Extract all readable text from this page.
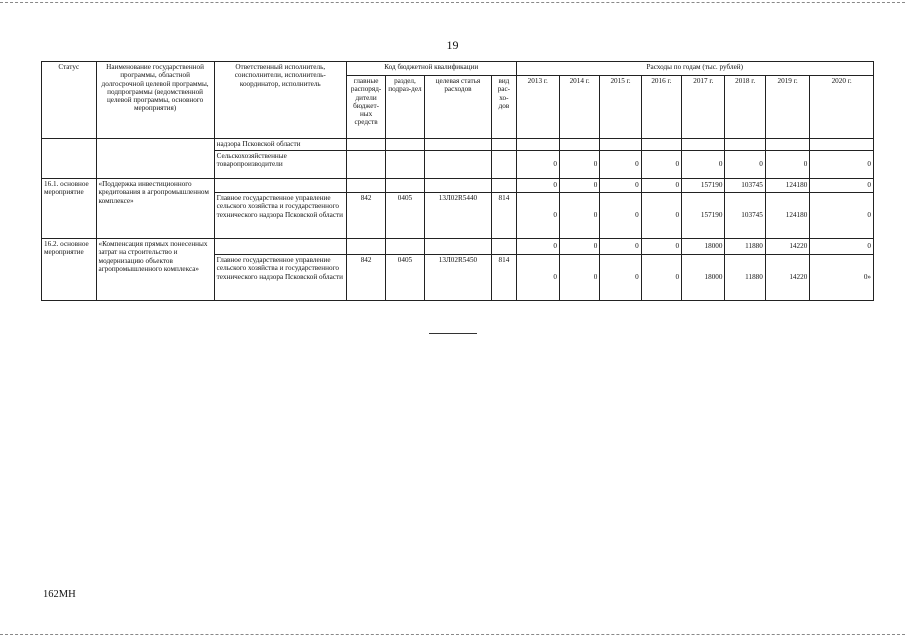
19
Статус	Наименование государственной программы, областной долгосрочной целевой программы, подпрограммы (ведомственной целевой программы, основного мероприятия)	Ответственный исполнитель, соисполнители, исполнитель-координатор, исполнитель	Код бюджетной квалификации				Расходы по годам (тыс. рублей)							
			главные распоряд-дители бюджет-ных средств	раздел, подраз-дел	целевая статья расходов	вид рас-хо-дов	2013 г.	2014 г.	2015 г.	2016 г.	2017 г.	2018 г.	2019 г.	2020 г.
		надзора Псковской области												
		Сельскохозяйственные товаропроизводители					0	0	0	0	0	0	0	0
16.1. основное мероприятие	«Поддержка инвестиционного кредитования в агропромышленном комплексе»						0	0	0	0	157190	103745	124180	0
		Главное государственное управление сельского хозяйства и государственного технического надзора Псковской области	842	0405	13Л02R5440	814	0	0	0	0	157190	103745	124180	0
16.2. основное мероприятие	«Компенсация прямых понесенных затрат на строительство и модернизацию объектов агропромышленного комплекса»						0	0	0	0	18000	11880	14220	0
		Главное государственное управление сельского хозяйства и государственного технического надзора Псковской области	842	0405	13Л02R5450	814	0	0	0	0	18000	11880	14220	0»
162MH
